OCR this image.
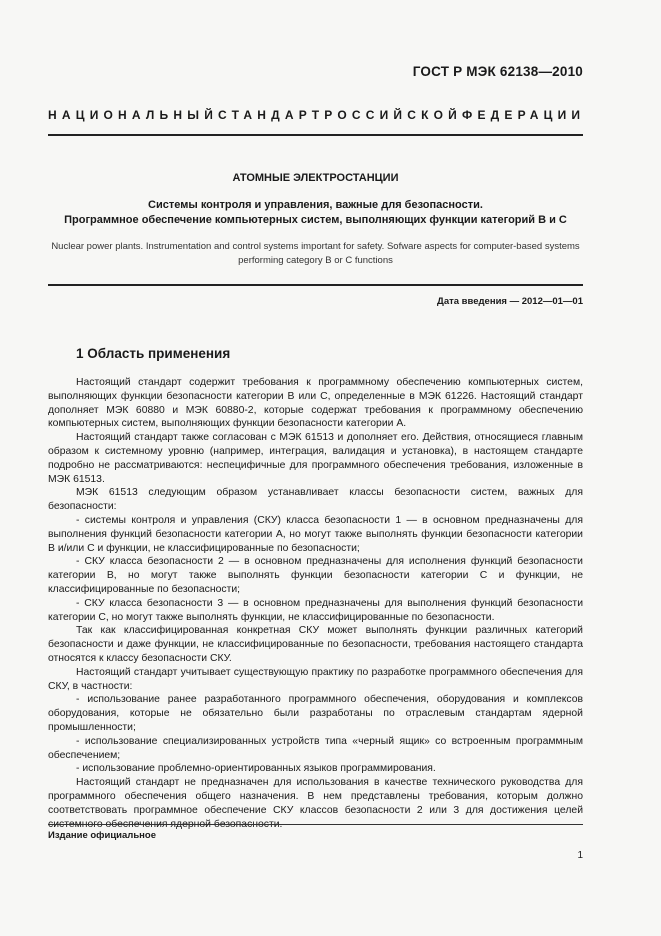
ГОСТ Р МЭК 62138—2010
НАЦИОНАЛЬНЫЙ СТАНДАРТ РОССИЙСКОЙ ФЕДЕРАЦИИ
АТОМНЫЕ ЭЛЕКТРОСТАНЦИИ
Системы контроля и управления, важные для безопасности.
Программное обеспечение компьютерных систем, выполняющих функции категорий В и С
Nuclear power plants. Instrumentation and control systems important for safety. Sofware aspects for computer-based systems performing category B or C functions
Дата введения — 2012—01—01
1 Область применения

Настоящий стандарт содержит требования к программному обеспечению компьютерных систем, выполняющих функции безопасности категории В или С, определенные в МЭК 61226. Настоящий стандарт дополняет МЭК 60880 и МЭК 60880-2, которые содержат требования к программному обеспечению компьютерных систем, выполняющих функции безопасности категории А.

Настоящий стандарт также согласован с МЭК 61513 и дополняет его. Действия, относящиеся главным образом к системному уровню (например, интеграция, валидация и установка), в настоящем стандарте подробно не рассматриваются: неспецифичные для программного обеспечения требования, изложенные в МЭК 61513.

МЭК 61513 следующим образом устанавливает классы безопасности систем, важных для безопасности:

- системы контроля и управления (СКУ) класса безопасности 1 — в основном предназначены для выполнения функций безопасности категории А, но могут также выполнять функции безопасности категории В и/или С и функции, не классифицированные по безопасности;

- СКУ класса безопасности 2 — в основном предназначены для исполнения функций безопасности категории В, но могут также выполнять функции безопасности категории С и функции, не классифицированные по безопасности;

- СКУ класса безопасности 3 — в основном предназначены для выполнения функций безопасности категории С, но могут также выполнять функции, не классифицированные по безопасности.

Так как классифицированная конкретная СКУ может выполнять функции различных категорий безопасности и даже функции, не классифицированные по безопасности, требования настоящего стандарта относятся к классу безопасности СКУ.

Настоящий стандарт учитывает существующую практику по разработке программного обеспечения для СКУ, в частности:

- использование ранее разработанного программного обеспечения, оборудования и комплексов оборудования, которые не обязательно были разработаны по отраслевым стандартам ядерной промышленности;

- использование специализированных устройств типа «черный ящик» со встроенным программным обеспечением;

- использование проблемно-ориентированных языков программирования.

Настоящий стандарт не предназначен для использования в качестве технического руководства для программного обеспечения общего назначения. В нем представлены требования, которым должно соответствовать программное обеспечение СКУ классов безопасности 2 или 3 для достижения целей системного обеспечения ядерной безопасности.

Издание официальное
1
